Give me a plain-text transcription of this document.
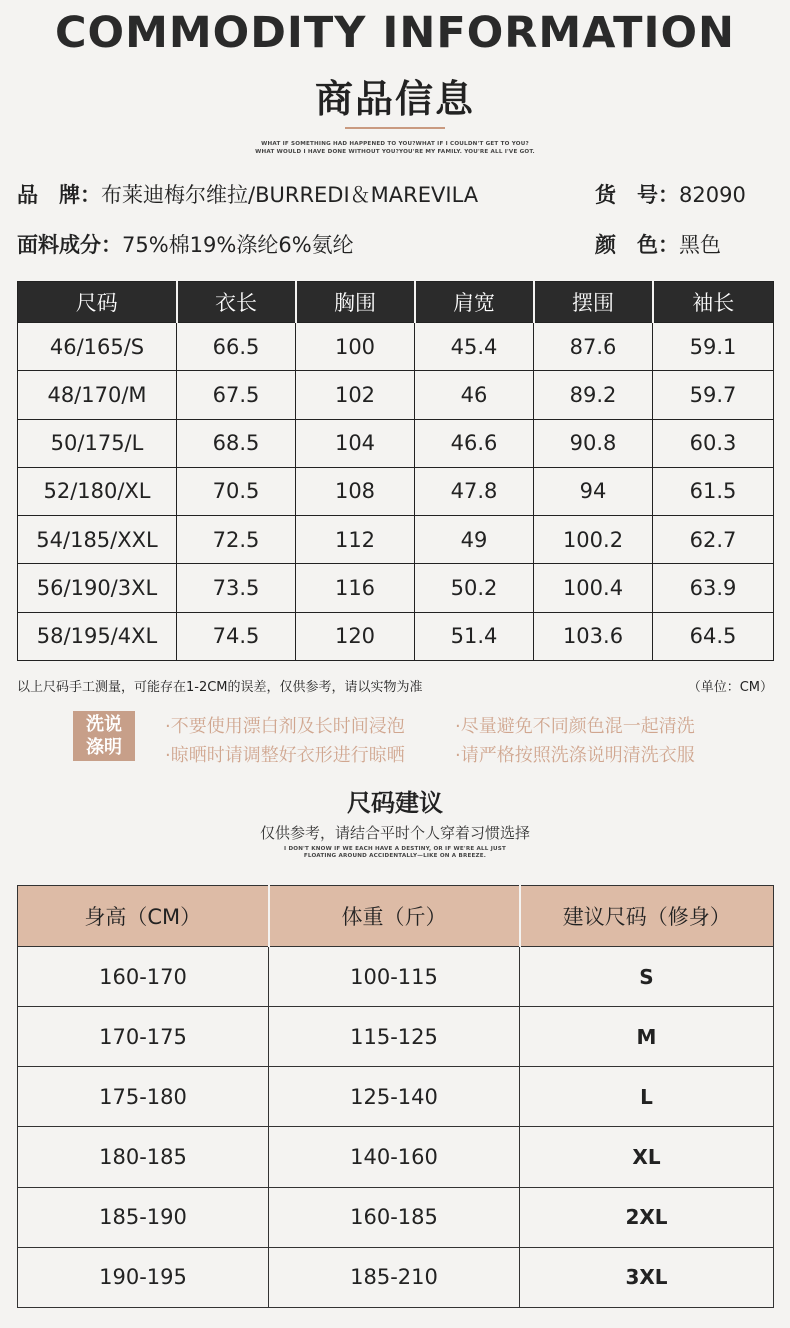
COMMODITY INFORMATION
商品信息
WHAT IF SOMETHING HAD HAPPENED TO YOU?WHAT IF I COULDN'T GET TO YOU?
WHAT WOULD I HAVE DONE WITHOUT YOU?YOU'RE MY FAMILY. YOU'RE ALL I'VE GOT.
品　牌：布莱迪梅尔维拉/BURREDI＆MAREVILA	货　号：82090
面料成分：75%棉19%涤纶6%氨纶	颜　色：黑色
尺码	衣长	胸围	肩宽	摆围	袖长
46/165/S	66.5	100	45.4	87.6	59.1
48/170/M	67.5	102	46	89.2	59.7
50/175/L	68.5	104	46.6	90.8	60.3
52/180/XL	70.5	108	47.8	94	61.5
54/185/XXL	72.5	112	49	100.2	62.7
56/190/3XL	73.5	116	50.2	100.4	63.9
58/195/4XL	74.5	120	51.4	103.6	64.5
以上尺码手工测量，可能存在1-2CM的误差，仅供参考，请以实物为准	（单位：CM）
洗说
涤明
·不要使用漂白剂及长时间浸泡	·尽量避免不同颜色混一起清洗
·晾晒时请调整好衣形进行晾晒	·请严格按照洗涤说明清洗衣服
尺码建议
仅供参考，请结合平时个人穿着习惯选择
I DON'T KNOW IF WE EACH HAVE A DESTINY, OR IF WE'RE ALL JUST
FLOATING AROUND ACCIDENTALLY—LIKE ON A BREEZE.
身高（CM）	体重（斤）	建议尺码（修身）
160-170	100-115	S
170-175	115-125	M
175-180	125-140	L
180-185	140-160	XL
185-190	160-185	2XL
190-195	185-210	3XL
